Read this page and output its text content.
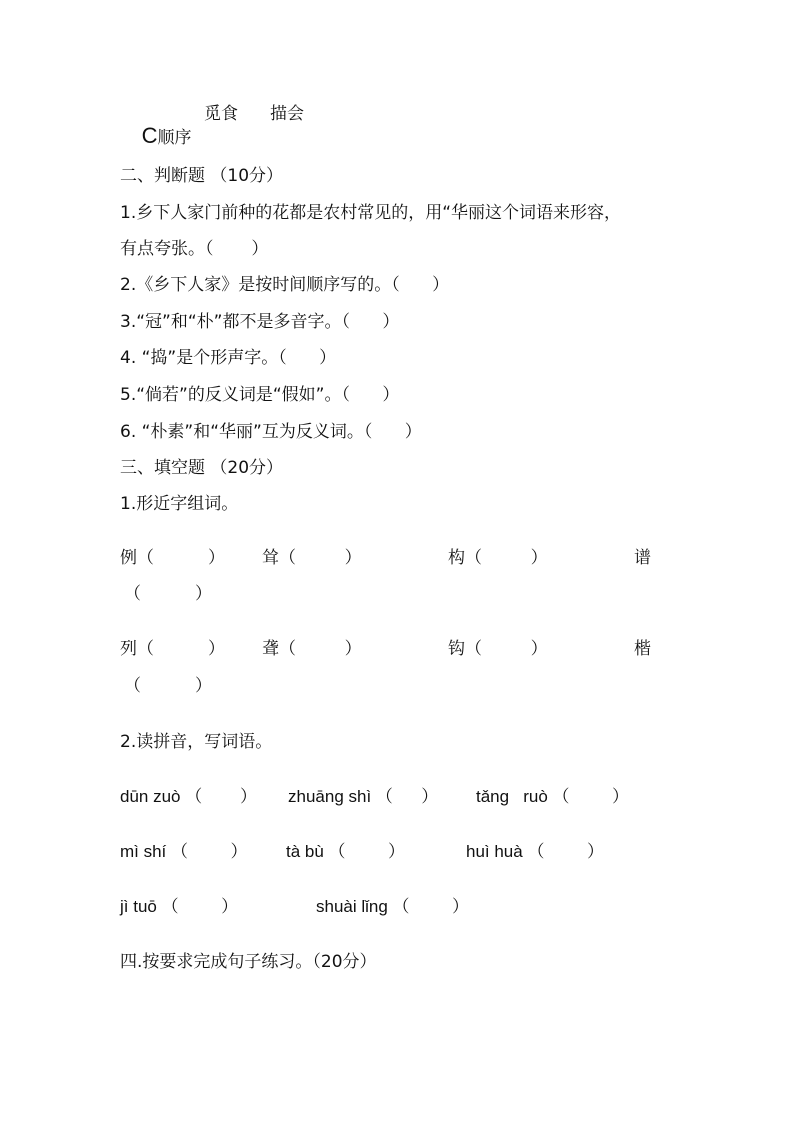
C顺序

觅食 描会
二、判断题 （10分）
1.乡下人家门前种的花都是农村常见的，用“华丽这个词语来形容，
有点夸张。（       ）
2.《乡下人家》是按时间顺序写的。（      ）
3.“冠”和“朴”都不是多音字。（      ）
4. “捣”是个形声字。（      ）
5.“倘若”的反义词是“假如”。（      ）
6. “朴素”和“华丽”互为反义词。（      ）
三、填空题 （20分）
1.形近字组词。
例（          ） 耸（         ）	构（         ）	谱
（          ）
列（          ） 聋（         ）	钩（         ）	楷
（          ）
2.读拼音，写词语。
dūn zuò （        ） zhuāng shì （      ） tǎng   ruò （         ）
mì shí （         ） tà bù （         ）	huì huà （         ）
jì tuō （         ）	shuài lǐng （         ）
四.按要求完成句子练习。（20分）
